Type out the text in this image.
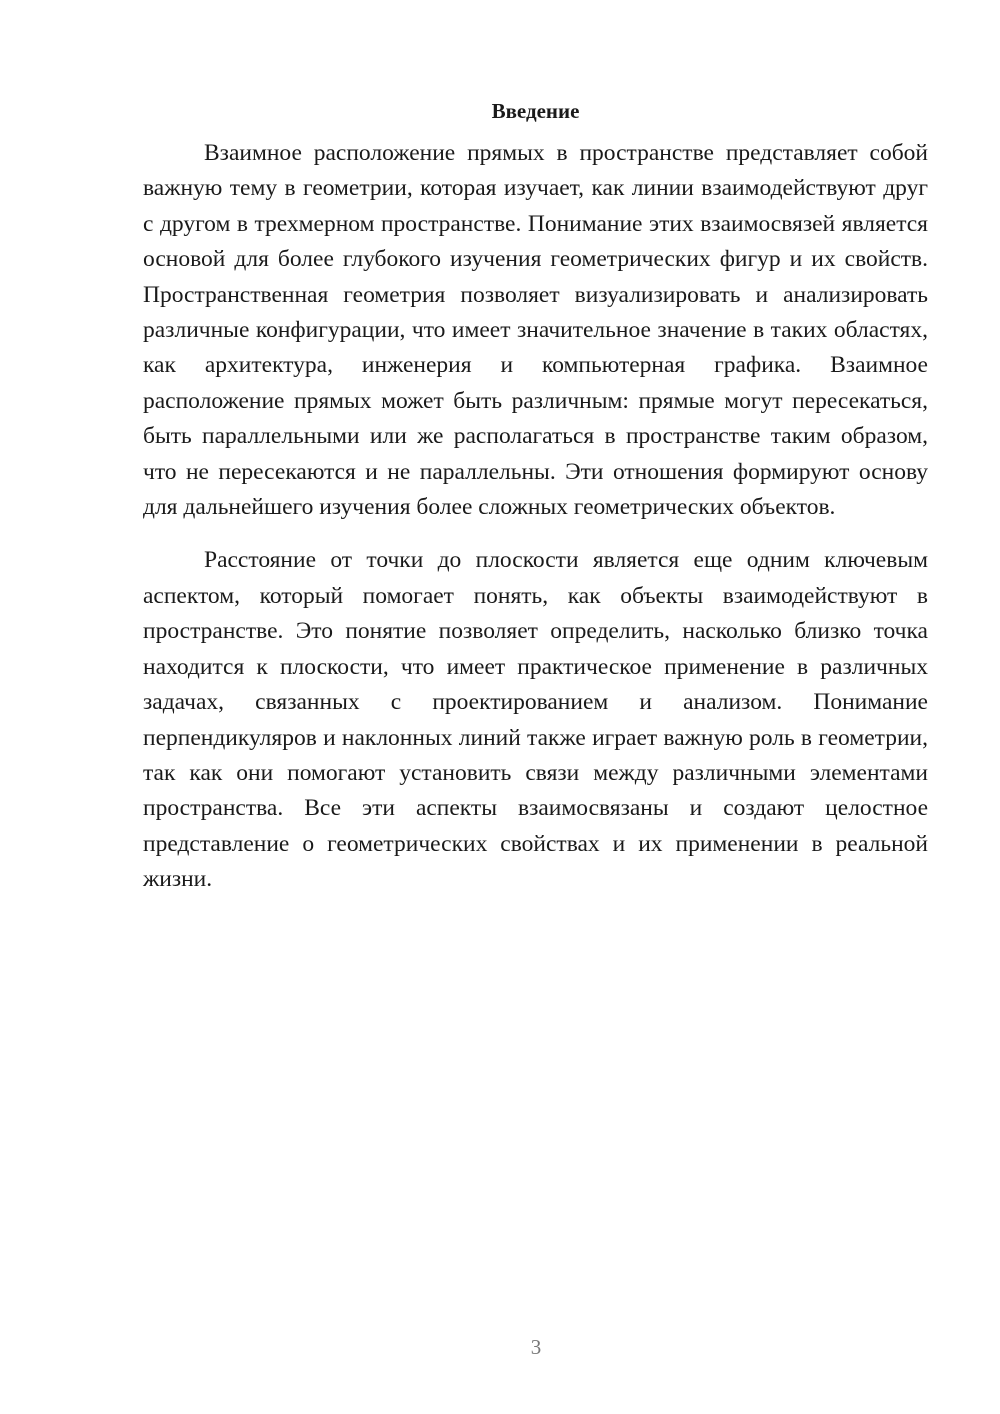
Введение

Взаимное расположение прямых в пространстве представляет собой важную тему в геометрии, которая изучает, как линии взаимодействуют друг с другом в трехмерном пространстве. Понимание этих взаимосвязей является основой для более глубокого изучения геометрических фигур и их свойств. Пространственная геометрия позволяет визуализировать и анализировать различные конфигурации, что имеет значительное значение в таких областях, как архитектура, инженерия и компьютерная графика. Взаимное расположение прямых может быть различным: прямые могут пересекаться, быть параллельными или же располагаться в пространстве таким образом, что не пересекаются и не параллельны. Эти отношения формируют основу для дальнейшего изучения более сложных геометрических объектов.

Расстояние от точки до плоскости является еще одним ключевым аспектом, который помогает понять, как объекты взаимодействуют в пространстве. Это понятие позволяет определить, насколько близко точка находится к плоскости, что имеет практическое применение в различных задачах, связанных с проектированием и анализом. Понимание перпендикуляров и наклонных линий также играет важную роль в геометрии, так как они помогают установить связи между различными элементами пространства. Все эти аспекты взаимосвязаны и создают целостное представление о геометрических свойствах и их применении в реальной жизни.

3
